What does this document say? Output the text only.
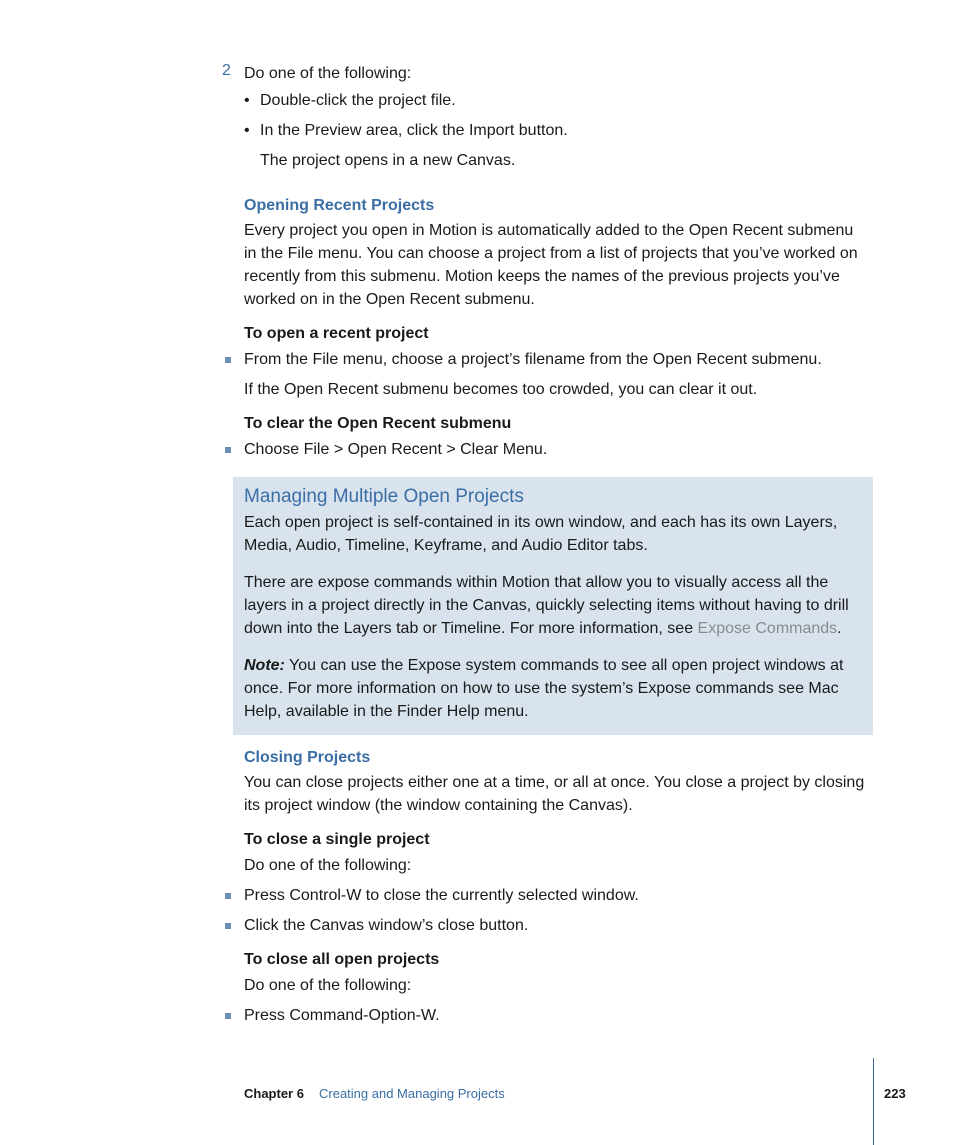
2 Do one of the following:
• Double-click the project file.
• In the Preview area, click the Import button.
The project opens in a new Canvas.
Opening Recent Projects
Every project you open in Motion is automatically added to the Open Recent submenu
in the File menu. You can choose a project from a list of projects that you’ve worked on
recently from this submenu. Motion keeps the names of the previous projects you’ve
worked on in the Open Recent submenu.
To open a recent project
From the File menu, choose a project’s filename from the Open Recent submenu.
If the Open Recent submenu becomes too crowded, you can clear it out.
To clear the Open Recent submenu
Choose File > Open Recent > Clear Menu.
Managing Multiple Open Projects
Each open project is self-contained in its own window, and each has its own Layers,
Media, Audio, Timeline, Keyframe, and Audio Editor tabs.
There are expose commands within Motion that allow you to visually access all the
layers in a project directly in the Canvas, quickly selecting items without having to drill
down into the Layers tab or Timeline. For more information, see Expose Commands.
Note: You can use the Expose system commands to see all open project windows at
once. For more information on how to use the system’s Expose commands see Mac
Help, available in the Finder Help menu.
Closing Projects
You can close projects either one at a time, or all at once. You close a project by closing
its project window (the window containing the Canvas).
To close a single project
Do one of the following:
Press Control-W to close the currently selected window.
Click the Canvas window’s close button.
To close all open projects
Do one of the following:
Press Command-Option-W.
Chapter 6 Creating and Managing Projects	223
